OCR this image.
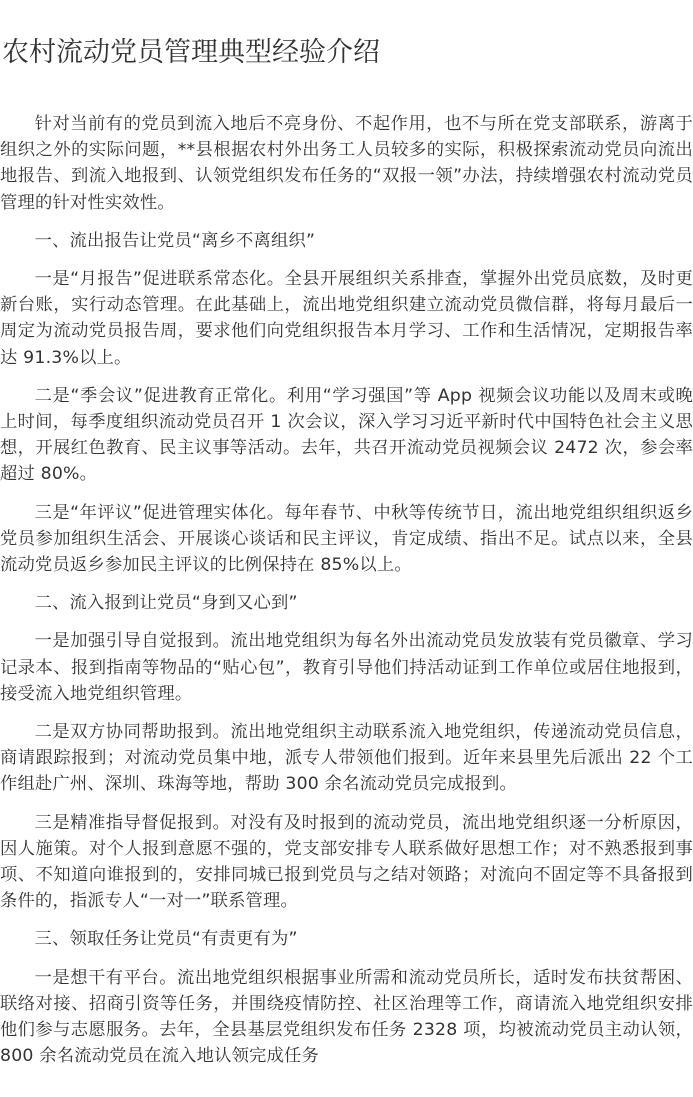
农村流动党员管理典型经验介绍

针对当前有的党员到流入地后不亮身份、不起作用，也不与所在党支部联系，游离于组织之外的实际问题，**县根据农村外出务工人员较多的实际，积极探索流动党员向流出地报告、到流入地报到、认领党组织发布任务的“双报一领”办法，持续增强农村流动党员管理的针对性实效性。

一、流出报告让党员“离乡不离组织”

一是“月报告”促进联系常态化。全县开展组织关系排查，掌握外出党员底数，及时更新台账，实行动态管理。在此基础上，流出地党组织建立流动党员微信群，将每月最后一周定为流动党员报告周，要求他们向党组织报告本月学习、工作和生活情况，定期报告率达 91.3%以上。

二是“季会议”促进教育正常化。利用“学习强国”等 App 视频会议功能以及周末或晚上时间，每季度组织流动党员召开 1 次会议，深入学习习近平新时代中国特色社会主义思想，开展红色教育、民主议事等活动。去年，共召开流动党员视频会议 2472 次，参会率超过 80%。

三是“年评议”促进管理实体化。每年春节、中秋等传统节日，流出地党组织组织返乡党员参加组织生活会、开展谈心谈话和民主评议，肯定成绩、指出不足。试点以来，全县流动党员返乡参加民主评议的比例保持在 85%以上。

二、流入报到让党员“身到又心到”

一是加强引导自觉报到。流出地党组织为每名外出流动党员发放装有党员徽章、学习记录本、报到指南等物品的“贴心包”，教育引导他们持活动证到工作单位或居住地报到，接受流入地党组织管理。

二是双方协同帮助报到。流出地党组织主动联系流入地党组织，传递流动党员信息，商请跟踪报到；对流动党员集中地，派专人带领他们报到。近年来县里先后派出 22 个工作组赴广州、深圳、珠海等地，帮助 300 余名流动党员完成报到。

三是精准指导督促报到。对没有及时报到的流动党员，流出地党组织逐一分析原因，因人施策。对个人报到意愿不强的，党支部安排专人联系做好思想工作；对不熟悉报到事项、不知道向谁报到的，安排同城已报到党员与之结对领路；对流向不固定等不具备报到条件的，指派专人“一对一”联系管理。

三、领取任务让党员“有责更有为”

一是想干有平台。流出地党组织根据事业所需和流动党员所长，适时发布扶贫帮困、联络对接、招商引资等任务，并围绕疫情防控、社区治理等工作，商请流入地党组织安排他们参与志愿服务。去年，全县基层党组织发布任务 2328 项，均被流动党员主动认领，800 余名流动党员在流入地认领完成任务
